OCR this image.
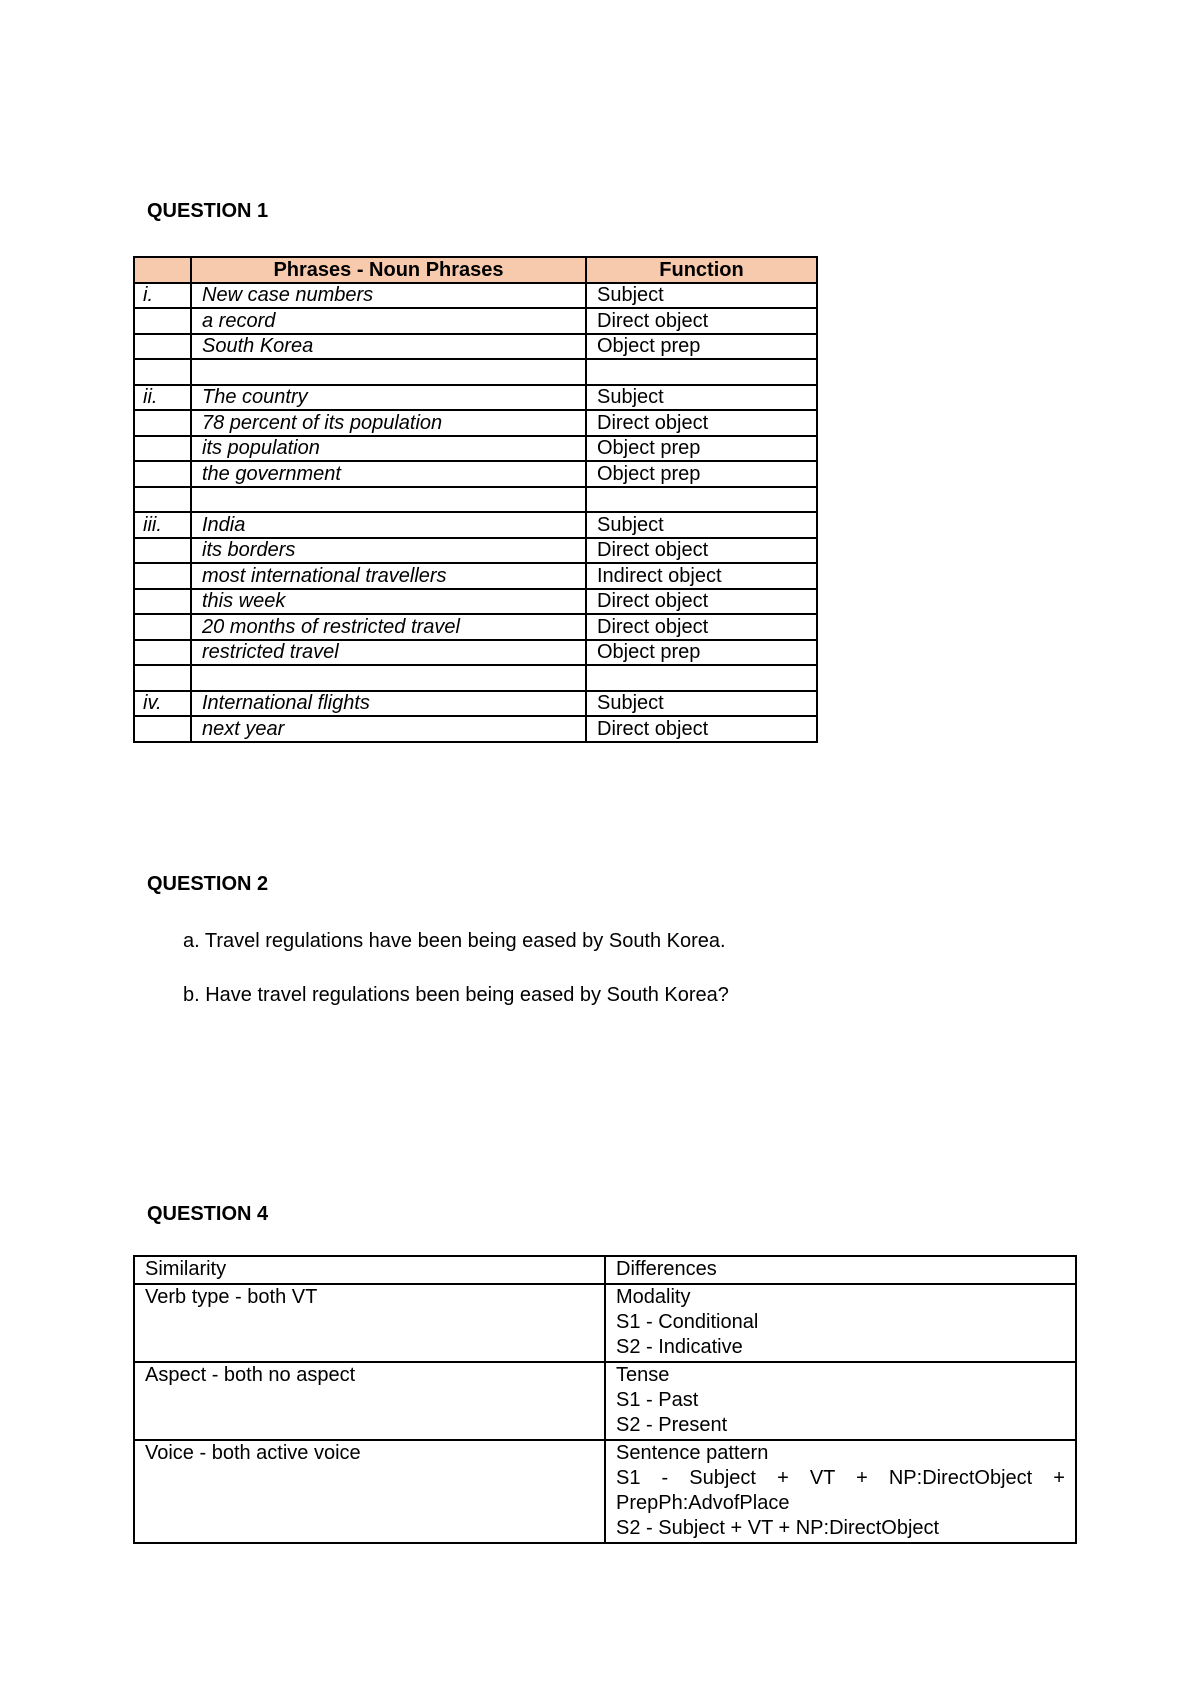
QUESTION 1
	Phrases - Noun Phrases	Function
i.	New case numbers	Subject
	a record	Direct object
	South Korea	Object prep

ii.	The country	Subject
	78 percent of its population	Direct object
	its population	Object prep
	the government	Object prep

iii.	India	Subject
	its borders	Direct object
	most international travellers	Indirect object
	this week	Direct object
	20 months of restricted travel	Direct object
	restricted travel	Object prep

iv.	International flights	Subject
	next year	Direct object
QUESTION 2
a. Travel regulations have been being eased by South Korea.
b. Have travel regulations been being eased by South Korea?
QUESTION 4
Similarity	Differences

Verb type - both VT	Modality
S1 - Conditional
S2 - Indicative

Aspect - both no aspect	Tense
S1 - Past
S2 - Present

Voice - both active voice	Sentence pattern
S1 - Subject + VT + NP:DirectObject + PrepPh:AdvofPlace
S2 - Subject + VT + NP:DirectObject
